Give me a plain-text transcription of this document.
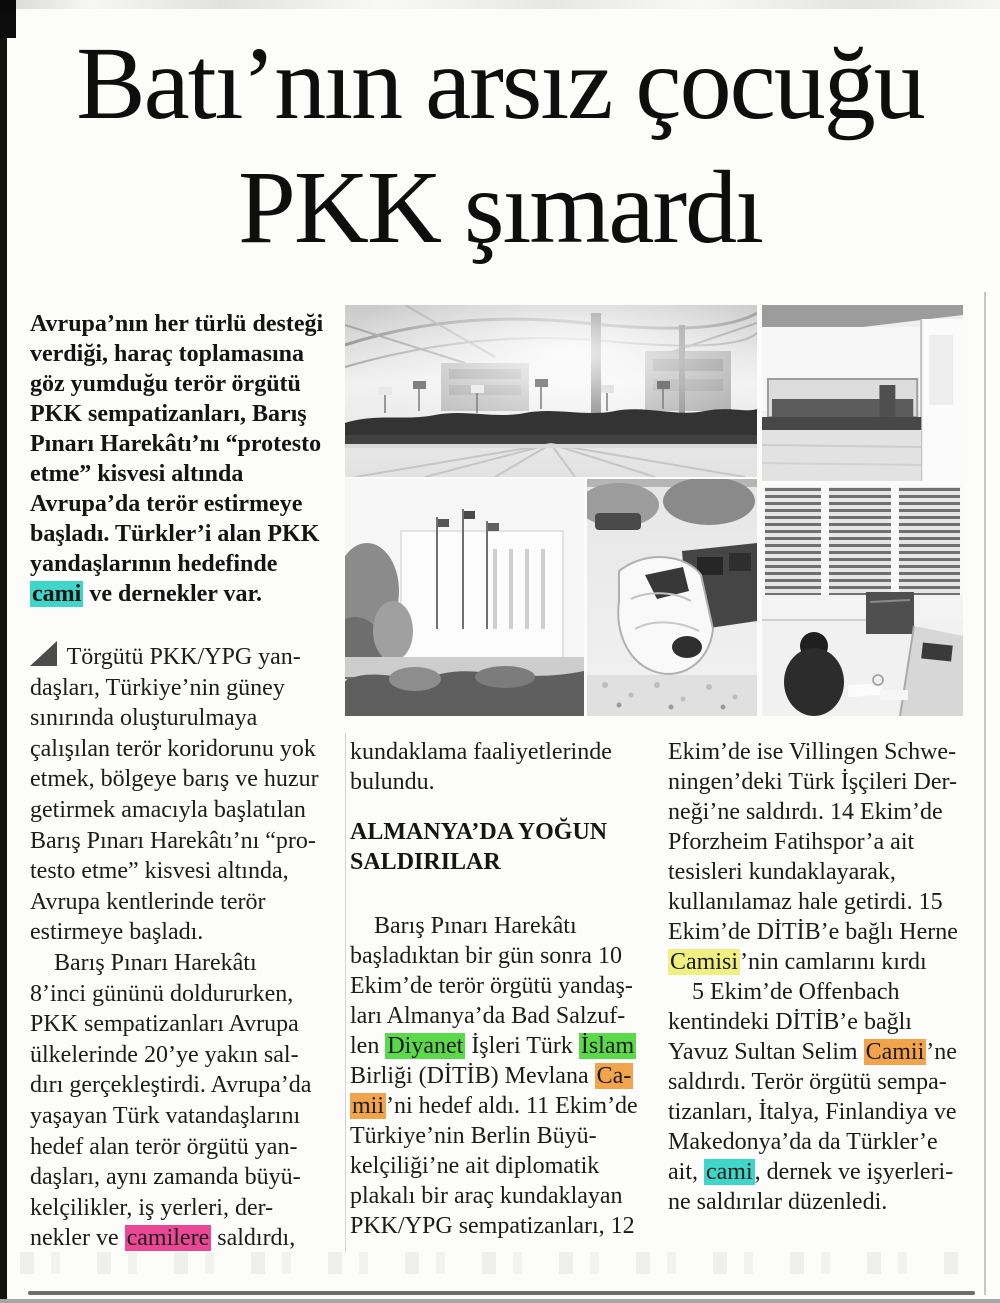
Batı’nın arsız çocuğu
PKK şımardı
Avrupa’nın her türlü desteği
verdiği, haraç toplamasına
göz yumduğu terör örgütü
PKK sempatizanları, Barış
Pınarı Harekâtı’nı “protesto
etme” kisvesi altında
Avrupa’da terör estirmeye
başladı. Türkler’i alan PKK
yandaşlarının hedefinde
cami ve dernekler var.
Törgütü PKK/YPG yan-
daşları, Türkiye’nin güney
sınırında oluşturulmaya
çalışılan terör koridorunu yok
etmek, bölgeye barış ve huzur
getirmek amacıyla başlatılan
Barış Pınarı Harekâtı’nı “pro-
testo etme” kisvesi altında,
Avrupa kentlerinde terör
estirmeye başladı.
 Barış Pınarı Harekâtı
8’inci gününü doldururken,
PKK sempatizanları Avrupa
ülkelerinde 20’ye yakın sal-
dırı gerçekleştirdi. Avrupa’da
yaşayan Türk vatandaşlarını
hedef alan terör örgütü yan-
daşları, aynı zamanda büyü-
kelçilikler, iş yerleri, der-
nekler ve camilere saldırdı,
kundaklama faaliyetlerinde
bulundu.
ALMANYA’DA YOĞUN
SALDIRILAR
 Barış Pınarı Harekâtı
başladıktan bir gün sonra 10
Ekim’de terör örgütü yandaş-
ları Almanya’da Bad Salzuf-
len Diyanet İşleri Türk İslam
Birliği (DİTİB) Mevlana Ca-
mii’ni hedef aldı. 11 Ekim’de
Türkiye’nin Berlin Büyü-
kelçiliği’ne ait diplomatik
plakalı bir araç kundaklayan
PKK/YPG sempatizanları, 12
Ekim’de ise Villingen Schwe-
ningen’deki Türk İşçileri Der-
neği’ne saldırdı. 14 Ekim’de
Pforzheim Fatihspor’a ait
tesisleri kundaklayarak,
kullanılamaz hale getirdi. 15
Ekim’de DİTİB’e bağlı Herne
Camisi’nin camlarını kırdı
  5 Ekim’de Offenbach
kentindeki DİTİB’e bağlı
Yavuz Sultan Selim Camii’ne
saldırdı. Terör örgütü sempa-
tizanları, İtalya, Finlandiya ve
Makedonya’da da Türkler’e
ait, cami, dernek ve işyerleri-
ne saldırılar düzenledi.
